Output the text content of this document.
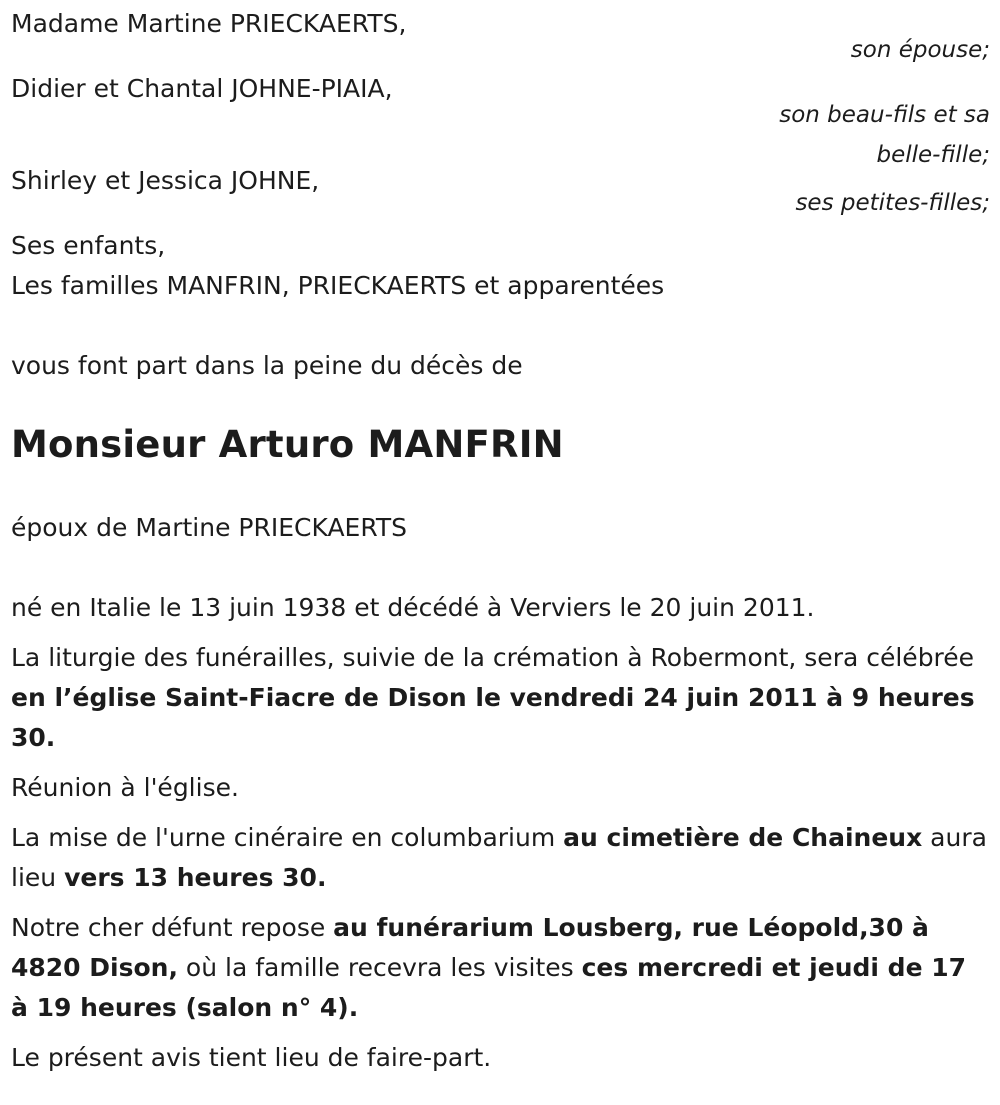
Madame Martine PRIECKAERTS,
son épouse;
Didier et Chantal JOHNE-PIAIA,
son beau-fils et sa
belle-fille;
Shirley et Jessica JOHNE,
ses petites-filles;
Ses enfants,
Les familles MANFRIN, PRIECKAERTS et apparentées
vous font part dans la peine du décès de
Monsieur Arturo MANFRIN
époux de Martine PRIECKAERTS
né en Italie le 13 juin 1938 et décédé à Verviers le 20 juin 2011.
La liturgie des funérailles, suivie de la crémation à Robermont, sera célébrée en l’église Saint-Fiacre de Dison le vendredi 24 juin 2011 à 9 heures 30.
Réunion à l'église.
La mise de l'urne cinéraire en columbarium au cimetière de Chaineux aura lieu vers 13 heures 30.
Notre cher défunt repose au funérarium Lousberg, rue Léopold,30 à 4820 Dison, où la famille recevra les visites ces mercredi et jeudi de 17 à 19 heures (salon n° 4).
Le présent avis tient lieu de faire-part.
